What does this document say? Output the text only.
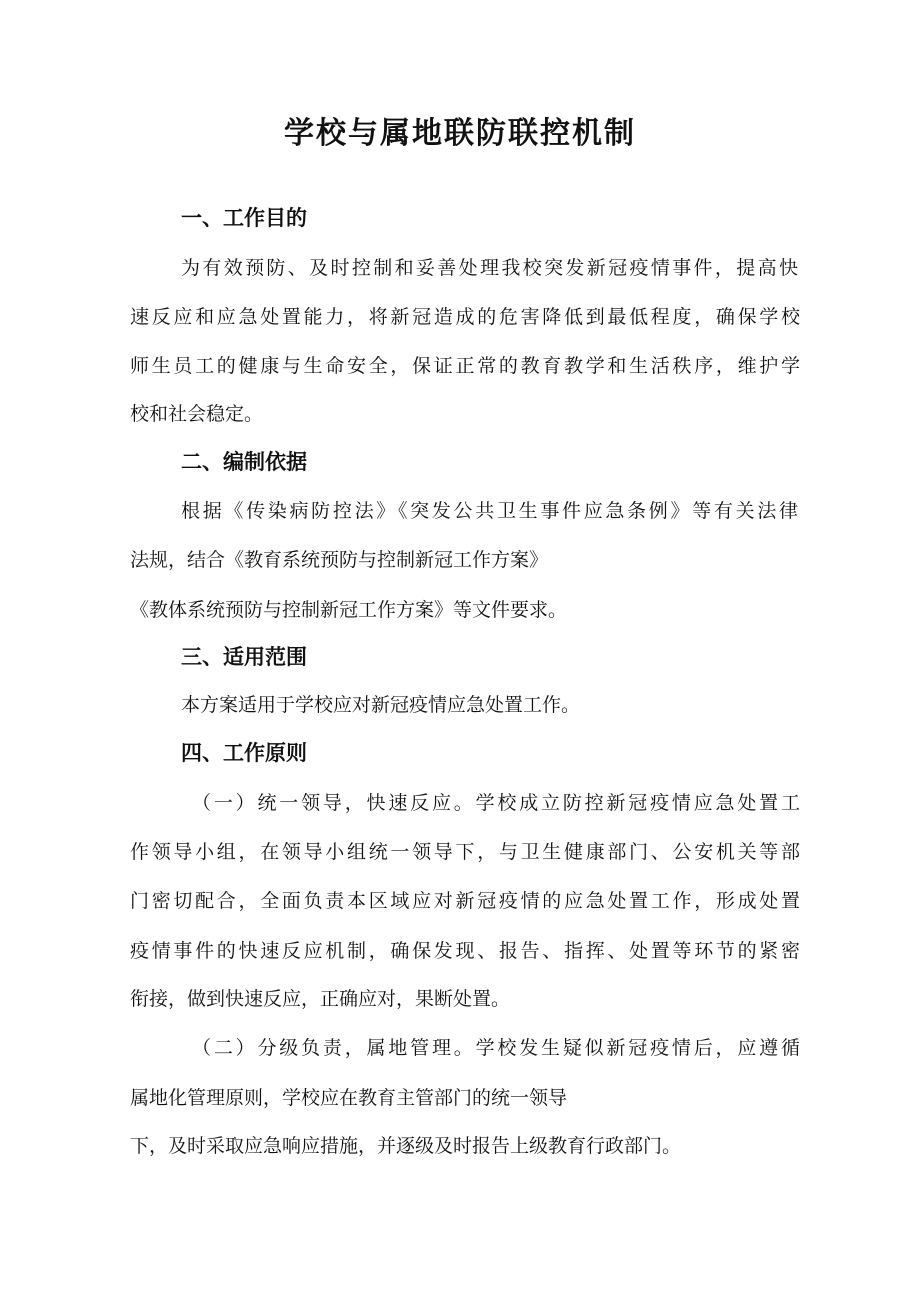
学校与属地联防联控机制
一、工作目的
为有效预防、及时控制和妥善处理我校突发新冠疫情事件，提高快
速反应和应急处置能力，将新冠造成的危害降低到最低程度，确保学校
师生员工的健康与生命安全，保证正常的教育教学和生活秩序，维护学
校和社会稳定。
二、编制依据
根据《传染病防控法》《突发公共卫生事件应急条例》等有关法律
法规，结合《教育系统预防与控制新冠工作方案》
《教体系统预防与控制新冠工作方案》等文件要求。
三、适用范围
本方案适用于学校应对新冠疫情应急处置工作。
四、工作原则
（一）统一领导，快速反应。学校成立防控新冠疫情应急处置工
作领导小组，在领导小组统一领导下，与卫生健康部门、公安机关等部
门密切配合，全面负责本区域应对新冠疫情的应急处置工作，形成处置
疫情事件的快速反应机制，确保发现、报告、指挥、处置等环节的紧密
衔接，做到快速反应，正确应对，果断处置。
（二）分级负责，属地管理。学校发生疑似新冠疫情后，应遵循
属地化管理原则，学校应在教育主管部门的统一领导
下，及时采取应急响应措施，并逐级及时报告上级教育行政部门。
